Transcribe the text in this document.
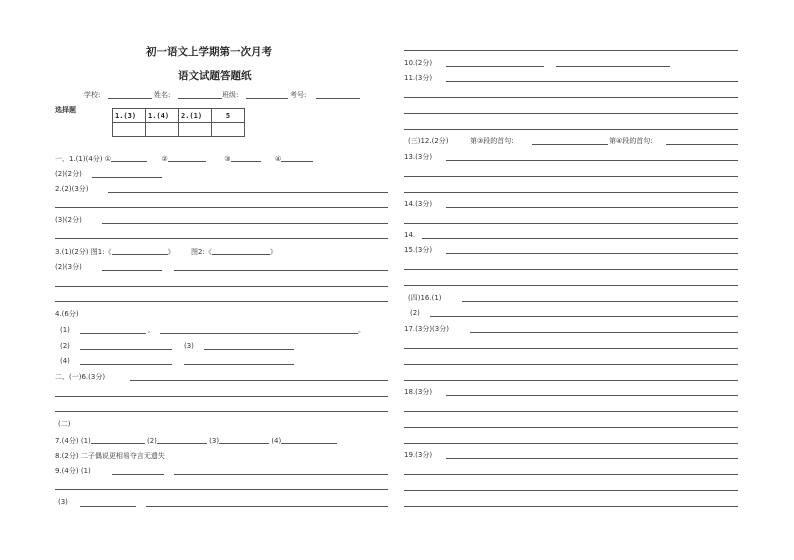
初一语文上学期第一次月考
语文试题答题纸
学校:	姓名:	班级:	考号:
选择题
1.(3)	1.(4)	2.(1)	5

一、1.(1)(4分) ①	②	③	④
(2)(2分)
2.(2)(3分)
(3)(2分)
3.(1)(2分) 图1:《	》 图2:《	》
(2)(3分)
4.(6分)
(1)	,	。
(2)	(3)
(4)
二、(一)6.(3分)
(二)
7.(4分) (1)	(2)	(3)	(4)
8.(2分) 二子偶说更相易夺言无遗失
9.(4分) (1)
(3)
10.(2分)
11.(3分)
(三)12.(2分)	第③段的首句:	第④段的首句:
13.(3分)
14.(3分)
14.
15.(3分)
(四)16.(1)
(2)
17.(3分)(3分)
18.(3分)
19.(3分)
